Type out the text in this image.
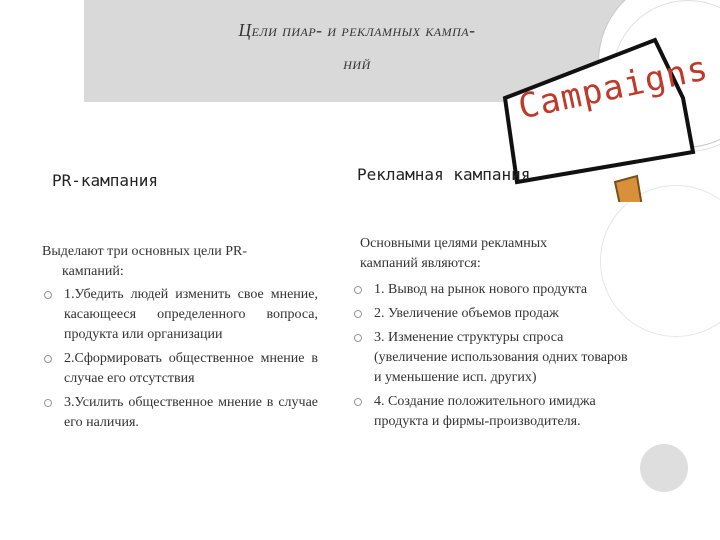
Цели пиар- и рекламных кампа-
ний	Campaigns
PR-кампания	Рекламная кампания
Выделают три основных цели PR-
кампаний:
1.Убедить людей изменить свое мнение, касающееся определенного вопроса, продукта или организации
2.Сформировать общественное мнение в случае его отсутствия
3.Усилить общественное мнение в случае его наличия.
Основными целями рекламных кампаний являются:
1. Вывод на рынок нового продукта
2. Увеличение объемов продаж
3. Изменение структуры спроса (увеличение использования одних товаров и уменьшение исп. других)
4. Создание положительного имиджа продукта и фирмы-производителя.
